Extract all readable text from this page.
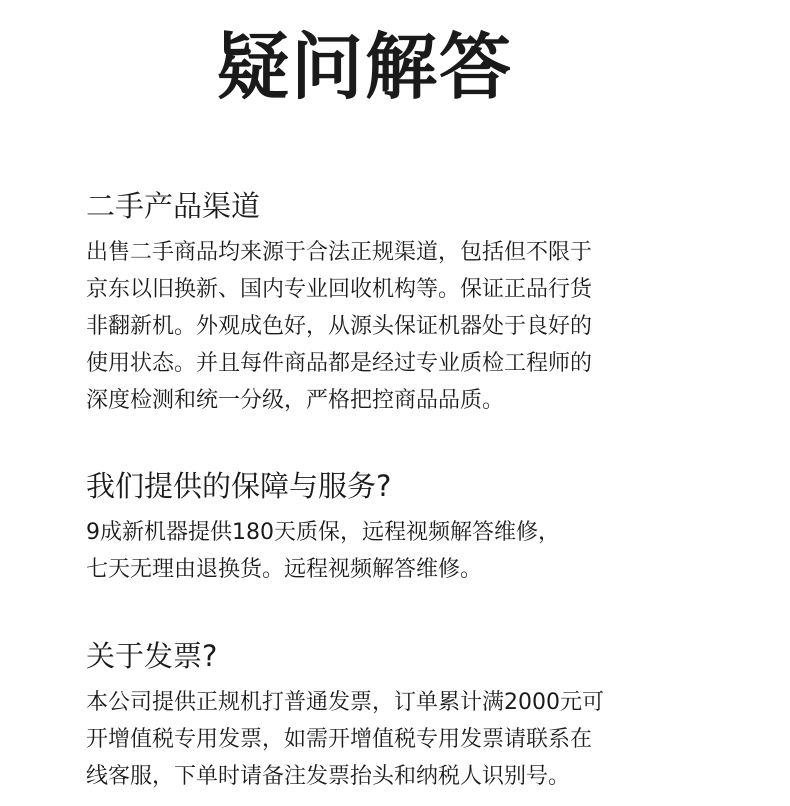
疑问解答
二手产品渠道
出售二手商品均来源于合法正规渠道，包括但不限于
京东以旧换新、国内专业回收机构等。保证正品行货
非翻新机。外观成色好，从源头保证机器处于良好的
使用状态。并且每件商品都是经过专业质检工程师的
深度检测和统一分级，严格把控商品品质。
我们提供的保障与服务?
9成新机器提供180天质保，远程视频解答维修，
七天无理由退换货。远程视频解答维修。
关于发票?
本公司提供正规机打普通发票，订单累计满2000元可
开增值税专用发票，如需开增值税专用发票请联系在
线客服，下单时请备注发票抬头和纳税人识别号。
